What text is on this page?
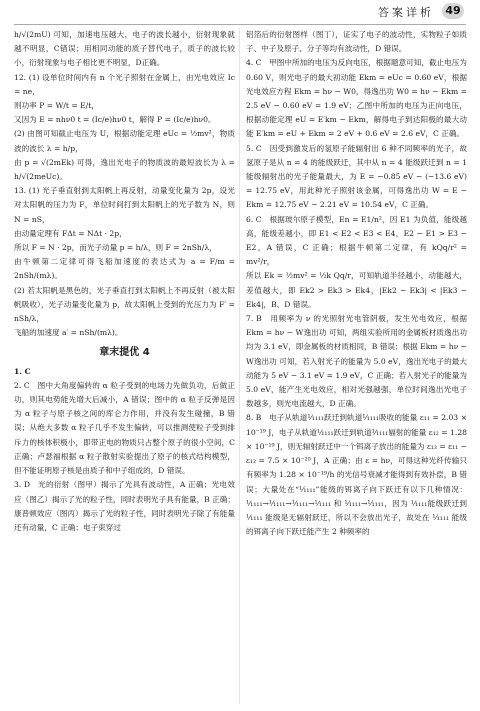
答案详析	49

h/√(2mU) 可知，加速电压越大，电子的波长越小，衍射现象就越不明显，C错误；用相同动能的质子替代电子，质子的波长较小，衍射现象与电子相比更不明显，D正确。

12. (1) 设单位时间内有 n 个光子照射在金属上，由光电效应 Ic = ne，

则功率 P = W/t = E/t，

又因为 E = nhν0 t = (Ic/e)hν0 t，解得 P = (Ic/e)hν0。

(2) 由图可知截止电压为 U，根据动能定理 eUc = ½mv²，物质波的波长 λ = h/p，

由 p = √(2mEk) 可得，逸出光电子的物质波的最短波长为 λ = h/√(2meUc)。

13. (1) 光子垂直射到太阳帆上再反射，动量变化量为 2p，设光对太阳帆的压力为 F，单位时间打到太阳帆上的光子数为 N，则 N = nS，

由动量定理有 FΔt = NΔt · 2p，

所以 F = N · 2p，而光子动量 p = h/λ，则 F = 2nSh/λ，

由牛顿第二定律可得飞船加速度的表达式为 a = F/m = 2nSh/(mλ)。

(2) 若太阳帆是黑色的，光子垂直打到太阳帆上不再反射（被太阳帆吸收），光子动量变化量为 p，故太阳帆上受到的光压力为 F′ = nSh/λ，

飞船的加速度 a′ = nSh/(mλ)。

章末提优 4

1. C

2. C　图中大角度偏转的 α 粒子受到的电场力先做负功，后做正功，则其电势能先增大后减小，A 错误；图中的 α 粒子反弹是因为 α 粒子与原子核之间的库仑力作用，并没有发生碰撞，B 错误；从绝大多数 α 粒子几乎不发生偏转，可以推测使粒子受到排斥力的核体积极小，即带正电的物质只占整个原子的很小空间，C 正确；卢瑟福根据 α 粒子散射实验提出了原子的核式结构模型，但不能证明原子核是由质子和中子组成的，D 错误。

3. D　光的衍射（图甲）揭示了光具有波动性，A 正确；光电效应（图乙）揭示了光的粒子性，同时表明光子具有能量，B 正确；康普顿效应（图丙）揭示了光的粒子性，同时表明光子除了有能量还有动量，C 正确；电子束穿过

铝箔后的衍射图样（图丁），证实了电子的波动性，实物粒子如质子、中子及原子、分子等均有波动性，D 错误。

4. C　甲图中所加的电压为反向电压，根据题意可知，截止电压为 0.60 V，则光电子的最大初动能 Ekm = eUc = 0.60 eV，根据光电效应方程 Ekm = hν − W0，得逸出功 W0 = hν − Ekm = 2.5 eV − 0.60 eV = 1.9 eV；乙图中所加的电压为正向电压，根据动能定理 eU = E′km − Ekm，解得电子到达阳极的最大动能 E′km = eU + Ekm = 2 eV + 0.6 eV = 2.6 eV，C 正确。

5. C　因受到激发后的氢原子能辐射出 6 种不同频率的光子，故氢原子是从 n = 4 的能级跃迁，其中从 n = 4 能级跃迁到 n = 1 能级辐射出的光子能量最大，为 E = −0.85 eV − (−13.6 eV) = 12.75 eV，用此种光子照射该金属，可得逸出功 W = E − Ekm = 12.75 eV − 2.21 eV = 10.54 eV，C 正确。

6. C　根据玻尔原子模型，En = E1/n²，因 E1 为负值，能级越高，能级差越小，即 E1 < E2 < E3 < E4，E2 − E1 > E3 − E2，A 错误，C 正确；根据牛顿第二定律，有 kQq/r² = mv²/r，

所以 Ek = ½mv² = ½k Qq/r，可知轨道半径越小，动能越大，差值越大，即 Ek2 > Ek3 > Ek4，|Ek2 − Ek3| < |Ek3 − Ek4|，B、D 错误。

7. B　用频率为 ν 的光照射光电管阴极，发生光电效应，根据 Ekm = hν − W逸出功 可知，两组实验所用的金属板材质逸出功均为 3.1 eV，即金属板的材质相同，B 错误；根据 Ekm = hν − W逸出功 可知，若入射光子的能量为 5.0 eV，逸出光电子的最大动能为 5 eV − 3.1 eV = 1.9 eV，C 正确；若入射光子的能量为 5.0 eV，能产生光电效应，相对光强越强，单位时间逸出光电子数越多，则光电流越大，D 正确。

8. B　电子从轨道¹⁄₁₁₁₁跃迁到轨道¹⁄₁₁₁₁吸收的能量 ε₁₁ = 2.03 × 10⁻¹⁹ J，电子从轨道¹⁄₁₁₁₁跃迁到轨道¹⁄₁₁₁₁辐射的能量 ε₁₂ = 1.28 × 10⁻¹⁹ J，则无辐射跃迁中一个铒离子放出的能量为 ε₁₃ = ε₁₁ − ε₁₂ = 7.5 × 10⁻²⁰ J，A 正确；由 ε = hν，可得这种光纤传输只有频率为 1.28 × 10⁻¹⁹/h 的光信号衰减才能得到有效补偿，B 错误；大量处在“¹⁄₁₁₁₁”能级的铒离子向下跃迁有以下几种情况：¹⁄₁₁₁₁→¹⁄₁₁₁₁→¹⁄₁₁₁₁→¹⁄₁₁₁₁ 和 ¹⁄₁₁₁₁→¹⁄₁₁₁₁，因为 ¹⁄₁₁₁₁能级跃迁到 ¹⁄₁₁₁₁ 能级是无辐射跃迁，所以不会放出光子，故处在 ¹⁄₁₁₁₁ 能级的铒离子向下跃迁能产生 2 种频率的
